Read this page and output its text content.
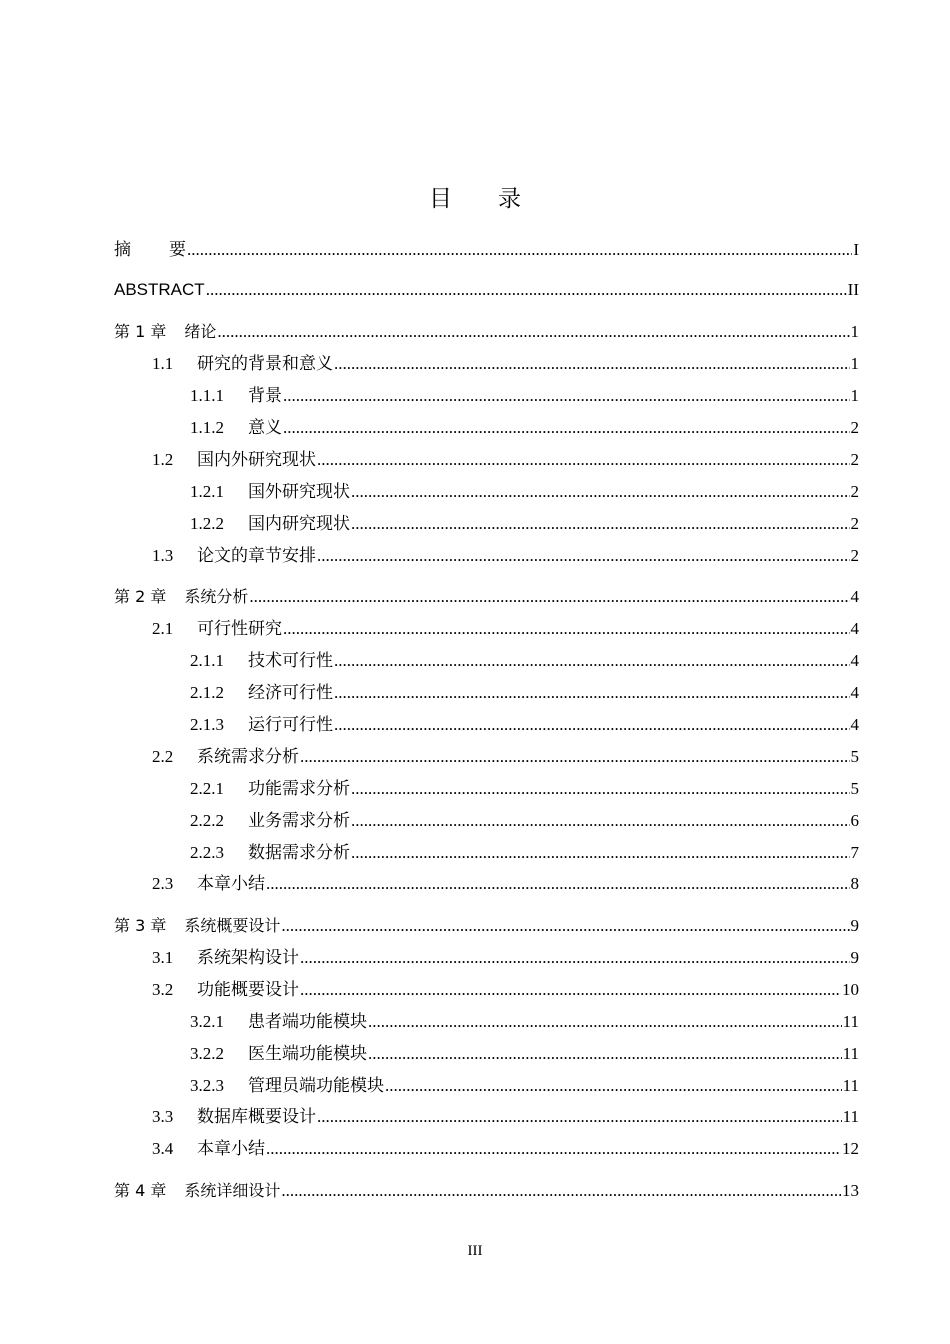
目 录
摘 要 .....	I
ABSTRACT .....	II
第 1 章 绪论 .....	1
1.1 研究的背景和意义 .....	1
1.1.1 背景 .....	1
1.1.2 意义 .....	2
1.2 国内外研究现状 .....	2
1.2.1 国外研究现状 .....	2
1.2.2 国内研究现状 .....	2
1.3 论文的章节安排 .....	2
第 2 章 系统分析 .....	4
2.1 可行性研究 .....	4
2.1.1 技术可行性 .....	4
2.1.2 经济可行性 .....	4
2.1.3 运行可行性 .....	4
2.2 系统需求分析 .....	5
2.2.1 功能需求分析 .....	5
2.2.2 业务需求分析 .....	6
2.2.3 数据需求分析 .....	7
2.3 本章小结 .....	8
第 3 章 系统概要设计 .....	9
3.1 系统架构设计 .....	9
3.2 功能概要设计 .....	10
3.2.1 患者端功能模块 .....	11
3.2.2 医生端功能模块 .....	11
3.2.3 管理员端功能模块 .....	11
3.3 数据库概要设计 .....	11
3.4 本章小结 .....	12
第 4 章 系统详细设计 .....	13
III
